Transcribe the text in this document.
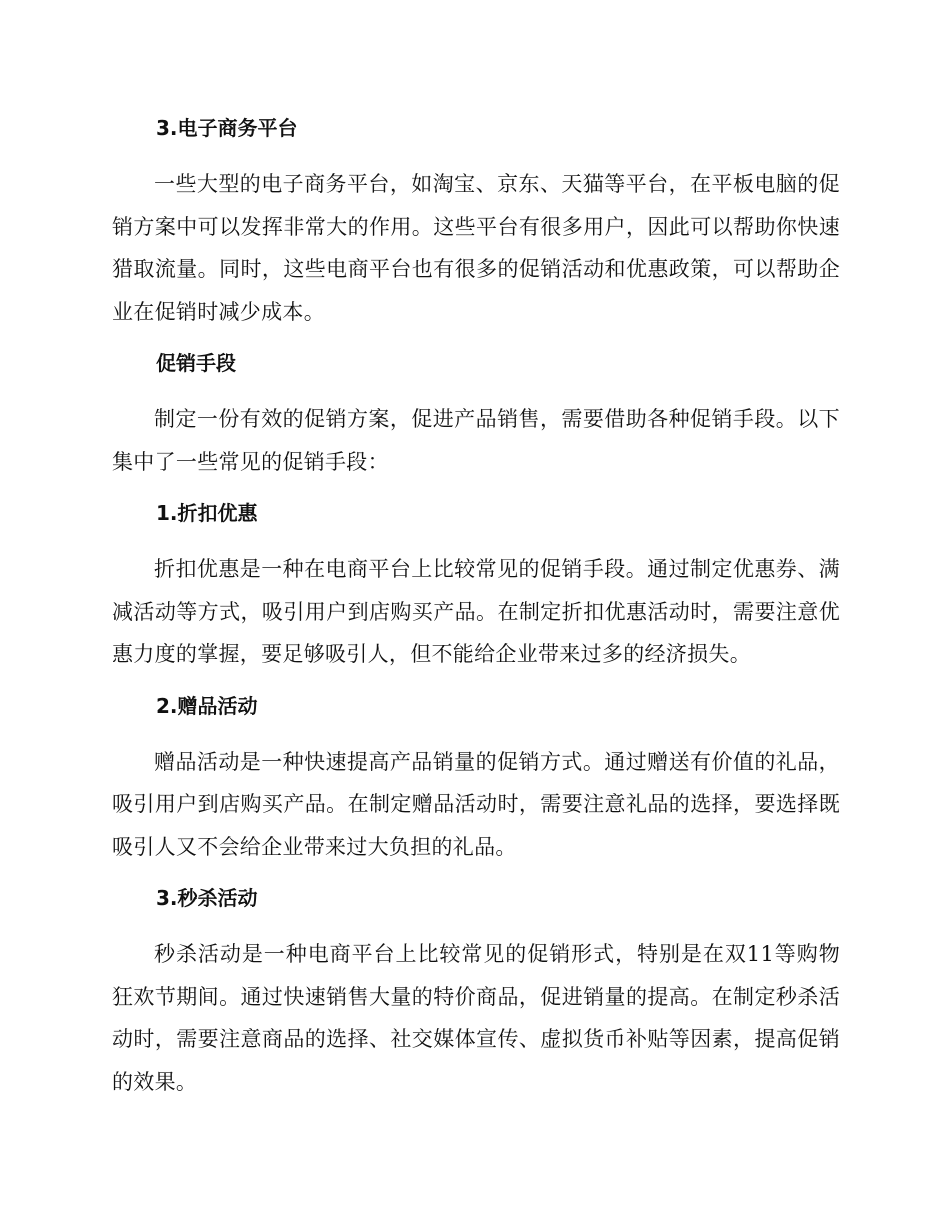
3.电子商务平台

一些大型的电子商务平台，如淘宝、京东、天猫等平台，在平板电脑的促销方案中可以发挥非常大的作用。这些平台有很多用户，因此可以帮助你快速猎取流量。同时，这些电商平台也有很多的促销活动和优惠政策，可以帮助企业在促销时减少成本。

促销手段

制定一份有效的促销方案，促进产品销售，需要借助各种促销手段。以下集中了一些常见的促销手段：

1.折扣优惠

折扣优惠是一种在电商平台上比较常见的促销手段。通过制定优惠券、满减活动等方式，吸引用户到店购买产品。在制定折扣优惠活动时，需要注意优惠力度的掌握，要足够吸引人，但不能给企业带来过多的经济损失。

2.赠品活动

赠品活动是一种快速提高产品销量的促销方式。通过赠送有价值的礼品，吸引用户到店购买产品。在制定赠品活动时，需要注意礼品的选择，要选择既吸引人又不会给企业带来过大负担的礼品。

3.秒杀活动

秒杀活动是一种电商平台上比较常见的促销形式，特别是在双11等购物狂欢节期间。通过快速销售大量的特价商品，促进销量的提高。在制定秒杀活动时，需要注意商品的选择、社交媒体宣传、虚拟货币补贴等因素，提高促销的效果。
